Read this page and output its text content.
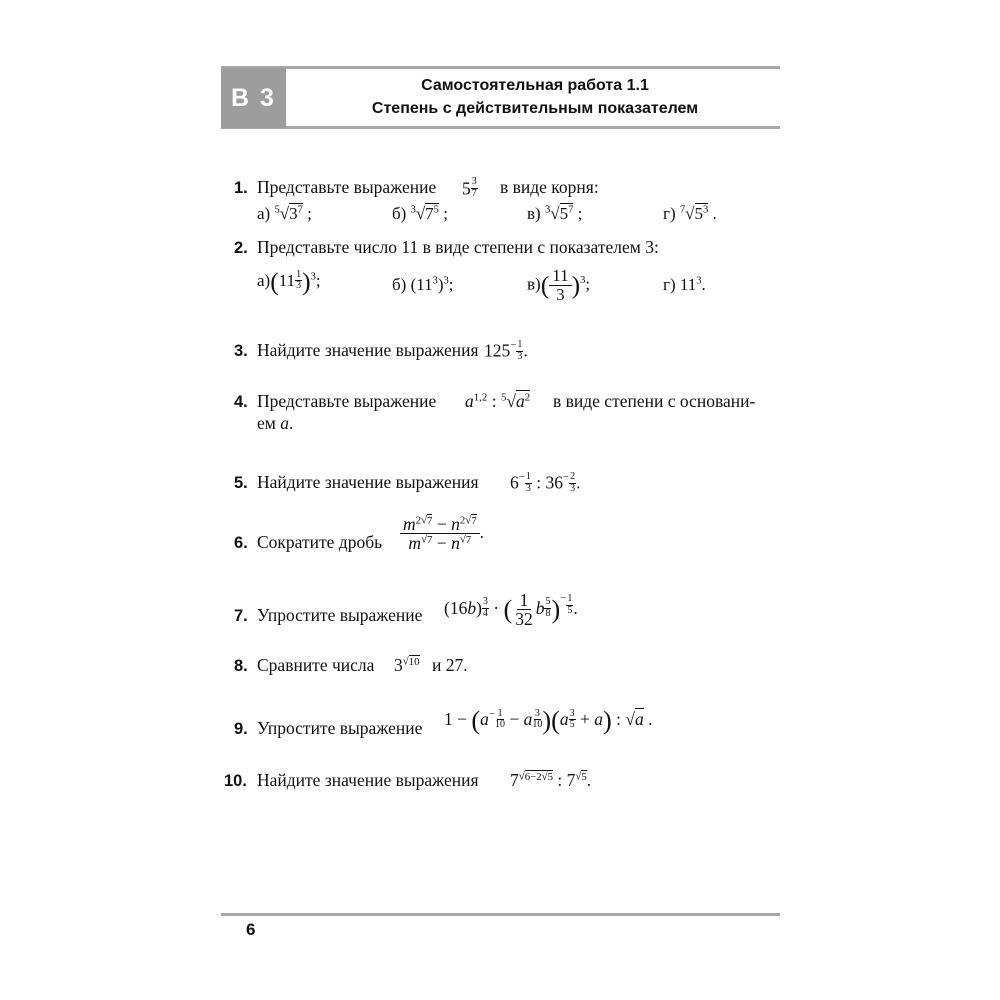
В 3	Самостоятельная работа 1.1
Степень с действительным показателем
1. Представьте выражение 5 $^{\frac{3}{7}}$ в виде корня:
а) $^5√3^7$ ;	б) $^3√7^5$ ;	в) $^3√5^7$ ;	г) $^7√5^3$ .
2. Представьте число 11 в виде степени с показателем 3:
а)(11 $^{\frac{1}{3}}$ )$^3$;	б) $(11^3)^3$;	$в)( \frac{11}{3} )^3$;	г) $11^3$.
3. Найдите значение выражения $125^{- \frac{1}{3}}$ .
4. Представьте выражение $a^{1,2}$ : $^5√a^2$ в виде степени с основани-
ем a.
5. Найдите значение выражения $6^{- \frac{1}{3}}$ : $36^{- \frac{2}{3}}$ .
6. Сократите дробь $\frac{m^{2√7} - n^{2√7}}{m^{√7} - n^{√7}}$ .
7. Упростите выражение (16b) $^{\frac{3}{4}}$ · ( $\frac{1}{32}$ b $^{\frac{5}{8}}$ )$^{- \frac{1}{5}}$ .
8. Сравните числа $3^{√10}$ и 27.
9. Упростите выражение $1 - (a^{- \frac{1}{10}} - a$ $^{\frac{3}{10}}$ )(a $^{\frac{3}{5}}$ + a) : √a .
10. Найдите значение выражения $7^{√6-2√5}$ : $7^{√5}$.
6
